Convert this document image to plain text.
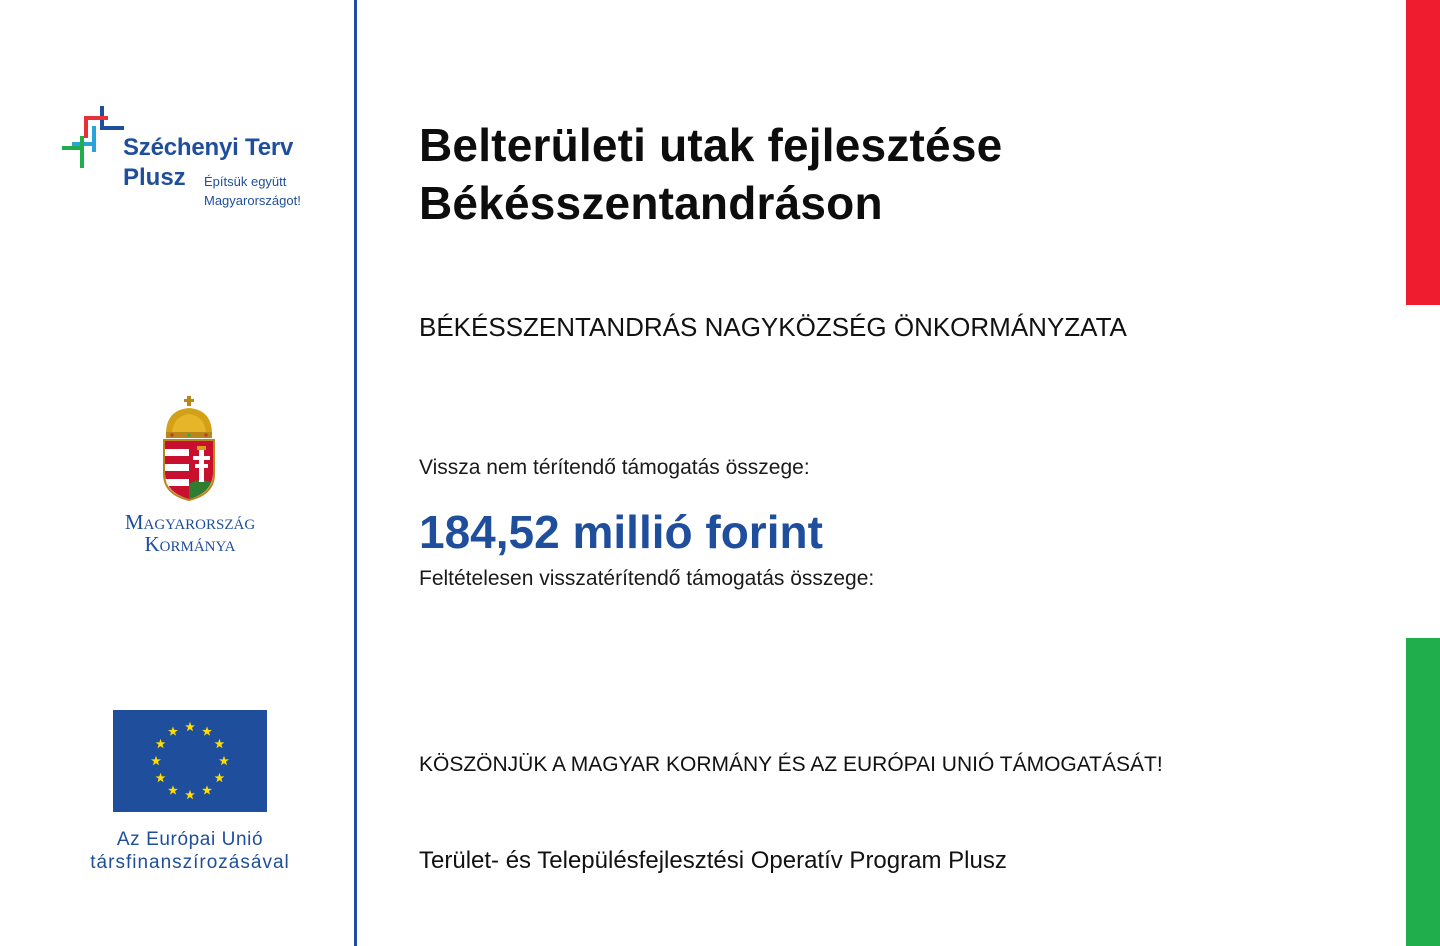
Széchenyi Terv
Plusz Építsük együtt
Magyarországot!
Magyarország
Kormánya
Az Európai Unió
társfinanszírozásával
Belterületi utak fejlesztése
Békésszentandráson
BÉKÉSSZENTANDRÁS NAGYKÖZSÉG ÖNKORMÁNYZATA
Vissza nem térítendő támogatás összege:
184,52 millió forint
Feltételesen visszatérítendő támogatás összege:
KÖSZÖNJÜK A MAGYAR KORMÁNY ÉS AZ EURÓPAI UNIÓ TÁMOGATÁSÁT!
Terület- és Településfejlesztési Operatív Program Plusz
